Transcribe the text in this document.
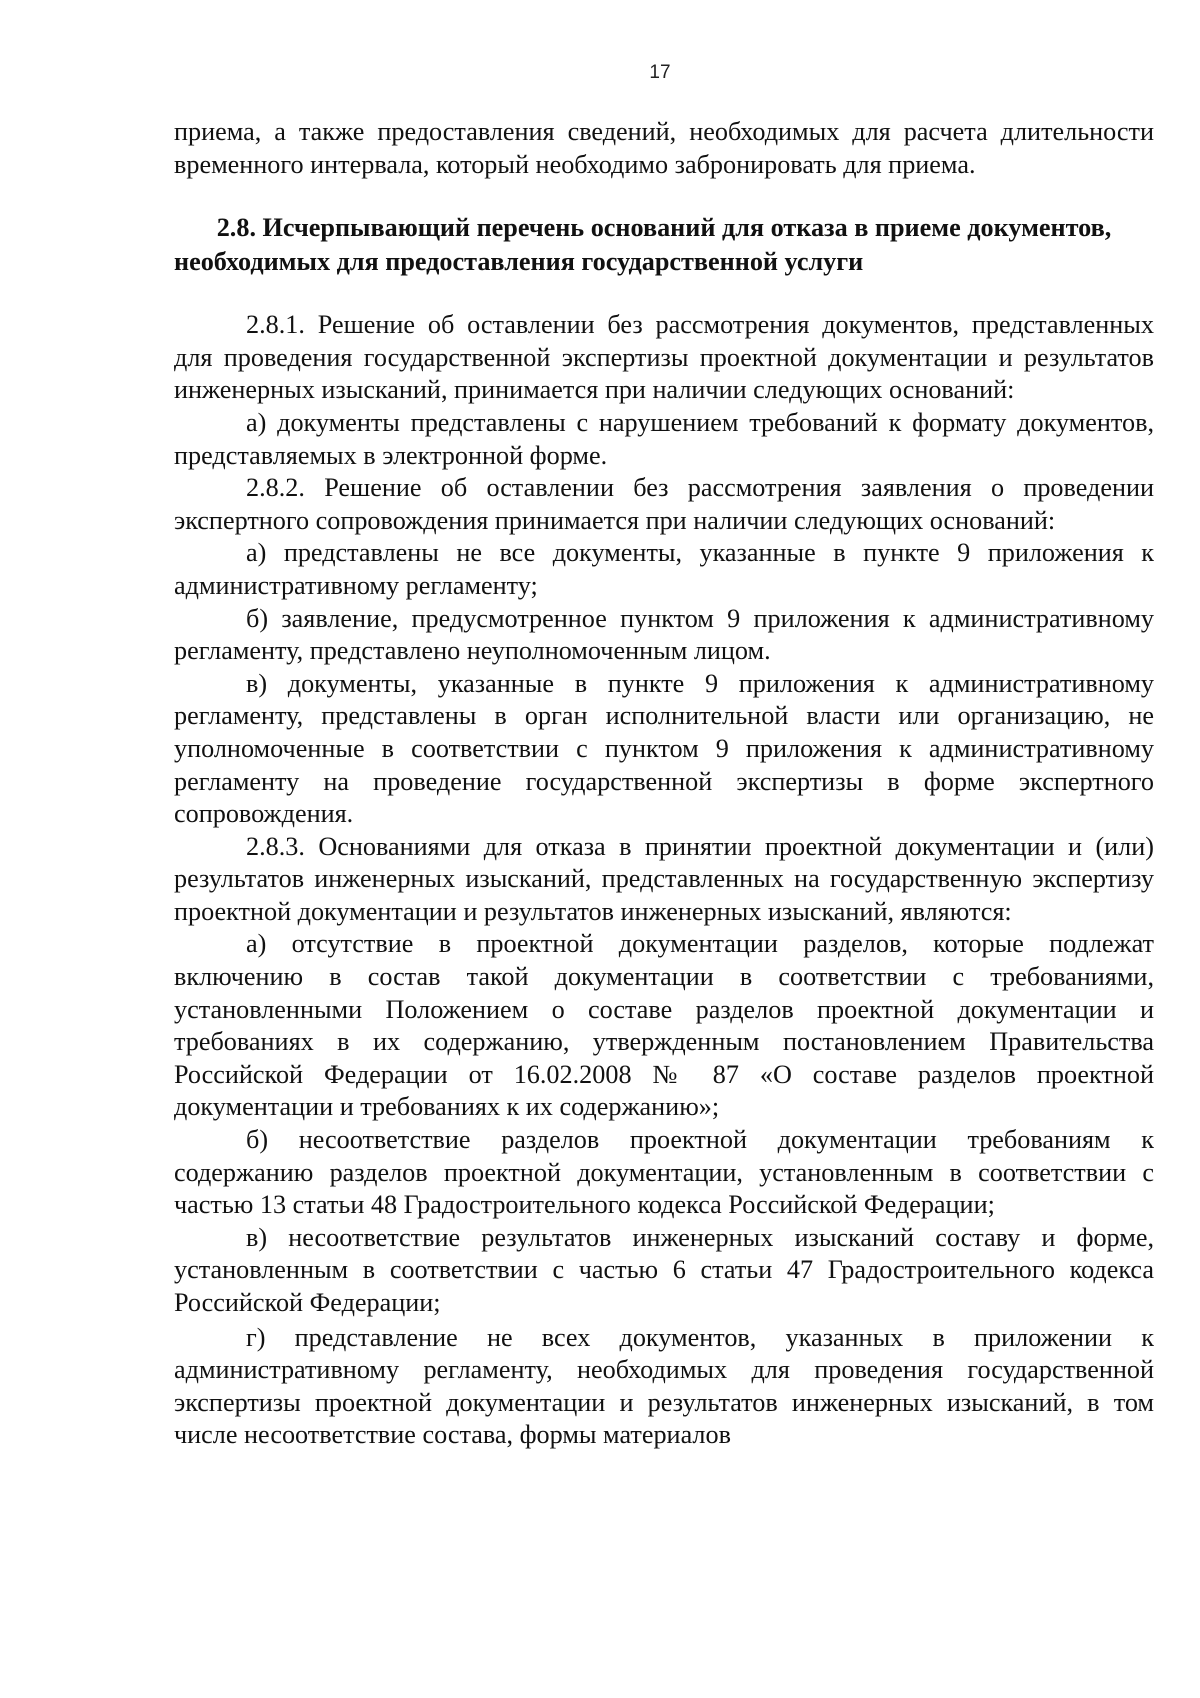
17

приема, а также предоставления сведений, необходимых для расчета длительности временного интервала, который необходимо забронировать для приема.

2.8. Исчерпывающий перечень оснований для отказа в приеме документов, необходимых для предоставления государственной услуги

2.8.1. Решение об оставлении без рассмотрения документов, представленных для проведения государственной экспертизы проектной документации и результатов инженерных изысканий, принимается при наличии следующих оснований:

а) документы представлены с нарушением требований к формату документов, представляемых в электронной форме.

2.8.2. Решение об оставлении без рассмотрения заявления о проведении экспертного сопровождения принимается при наличии следующих оснований:

а) представлены не все документы, указанные в пункте 9 приложения к административному регламенту;

б) заявление, предусмотренное пунктом 9 приложения к административному регламенту, представлено неуполномоченным лицом.

в) документы, указанные в пункте 9 приложения к административному регламенту, представлены в орган исполнительной власти или организацию, не уполномоченные в соответствии с пунктом 9 приложения к административному регламенту на проведение государственной экспертизы в форме экспертного сопровождения.

2.8.3. Основаниями для отказа в принятии проектной документации и (или) результатов инженерных изысканий, представленных на государственную экспертизу проектной документации и результатов инженерных изысканий, являются:

а) отсутствие в проектной документации разделов, которые подлежат включению в состав такой документации в соответствии с требованиями, установленными Положением о составе разделов проектной документации и требованиях в их содержанию, утвержденным постановлением Правительства Российской Федерации от 16.02.2008 № 87 «О составе разделов проектной документации и требованиях к их содержанию»;

б) несоответствие разделов проектной документации требованиям к содержанию разделов проектной документации, установленным в соответствии с частью 13 статьи 48 Градостроительного кодекса Российской Федерации;

в) несоответствие результатов инженерных изысканий составу и форме, установленным в соответствии с частью 6 статьи 47 Градостроительного кодекса Российской Федерации;

г) представление не всех документов, указанных в приложении к административному регламенту, необходимых для проведения государственной экспертизы проектной документации и результатов инженерных изысканий, в том числе несоответствие состава, формы материалов
